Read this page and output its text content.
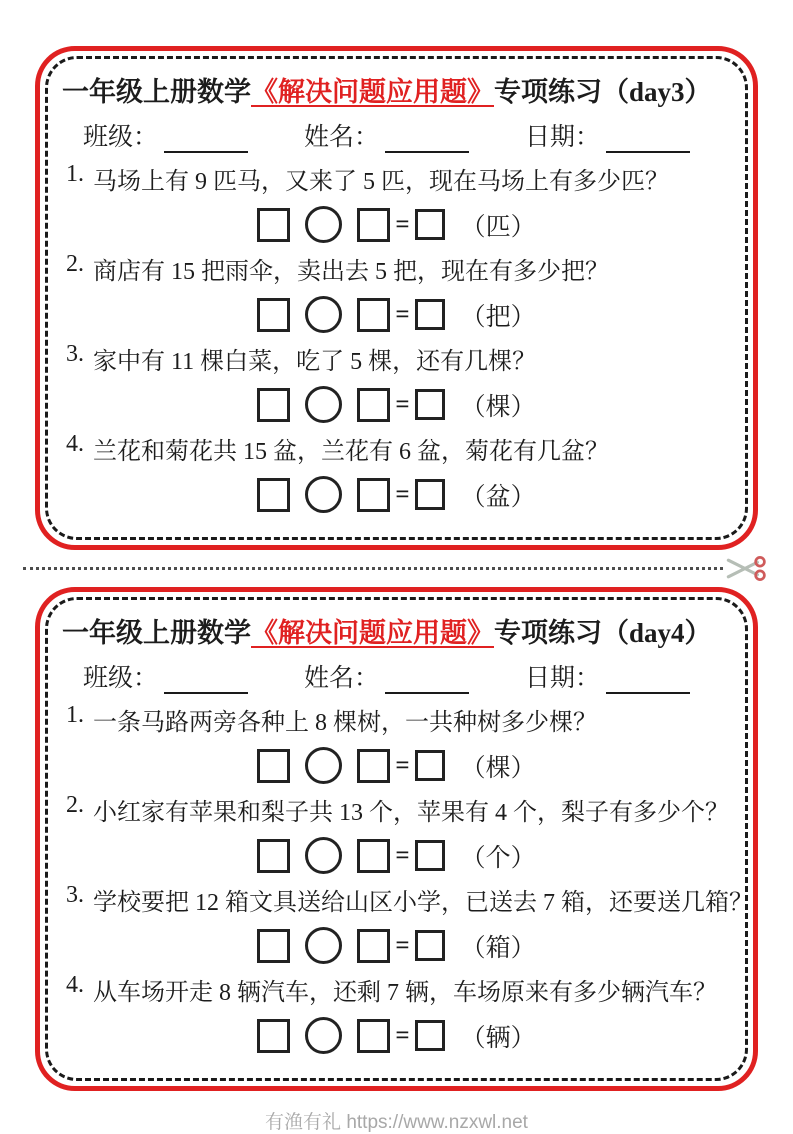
一年级上册数学《解决问题应用题》专项练习（day3）
班级：	姓名：	日期：
1. 马场上有 9 匹马，又来了 5 匹，现在马场上有多少匹？
= （匹）
2. 商店有 15 把雨伞，卖出去 5 把，现在有多少把？
= （把）
3. 家中有 11 棵白菜，吃了 5 棵，还有几棵？
= （棵）
4. 兰花和菊花共 15 盆，兰花有 6 盆，菊花有几盆？
= （盆）
一年级上册数学《解决问题应用题》专项练习（day4）
班级：	姓名：	日期：
1. 一条马路两旁各种上 8 棵树，一共种树多少棵？
= （棵）
2. 小红家有苹果和梨子共 13 个，苹果有 4 个，梨子有多少个？
= （个）
3. 学校要把 12 箱文具送给山区小学，已送去 7 箱，还要送几箱？
= （箱）
4. 从车场开走 8 辆汽车，还剩 7 辆，车场原来有多少辆汽车？
= （辆）
有渔有礼 https://www.nzxwl.net
